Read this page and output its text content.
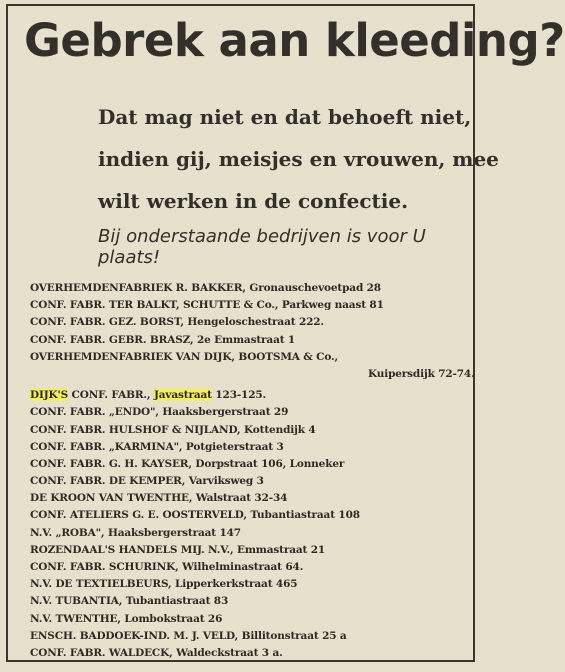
Gebrek aan kleeding?
Dat mag niet en dat behoeft niet,
indien gij, meisjes en vrouwen, mee
wilt werken in de confectie.

Bij onderstaande bedrijven is voor U plaats!

OVERHEMDENFABRIEK R. BAKKER, Gronauschevoetpad 28
CONF. FABR. TER BALKT, SCHUTTE & Co., Parkweg naast 81
CONF. FABR. GEZ. BORST, Hengeloschestraat 222.
CONF. FABR. GEBR. BRASZ, 2e Emmastraat 1
OVERHEMDENFABRIEK VAN DIJK, BOOTSMA & Co.,
Kuipersdijk 72-74.
DIJK'S CONF. FABR., Javastraat 123-125.
CONF. FABR. „ENDO", Haaksbergerstraat 29
CONF. FABR. HULSHOF & NIJLAND, Kottendijk 4
CONF. FABR. „KARMINA", Potgieterstraat 3
CONF. FABR. G. H. KAYSER, Dorpstraat 106, Lonneker
CONF. FABR. DE KEMPER, Varviksweg 3
DE KROON VAN TWENTHE, Walstraat 32-34
CONF. ATELIERS G. E. OOSTERVELD, Tubantiastraat 108
N.V. „ROBA", Haaksbergerstraat 147
ROZENDAAL'S HANDELS MIJ. N.V., Emmastraat 21
CONF. FABR. SCHURINK, Wilhelminastraat 64.
N.V. DE TEXTIELBEURS, Lipperkerkstraat 465
N.V. TUBANTIA, Tubantiastraat 83
N.V. TWENTHE, Lombokstraat 26
ENSCH. BADDOEK-IND. M. J. VELD, Billitonstraat 25 a
CONF. FABR. WALDECK, Waldeckstraat 3 a.
